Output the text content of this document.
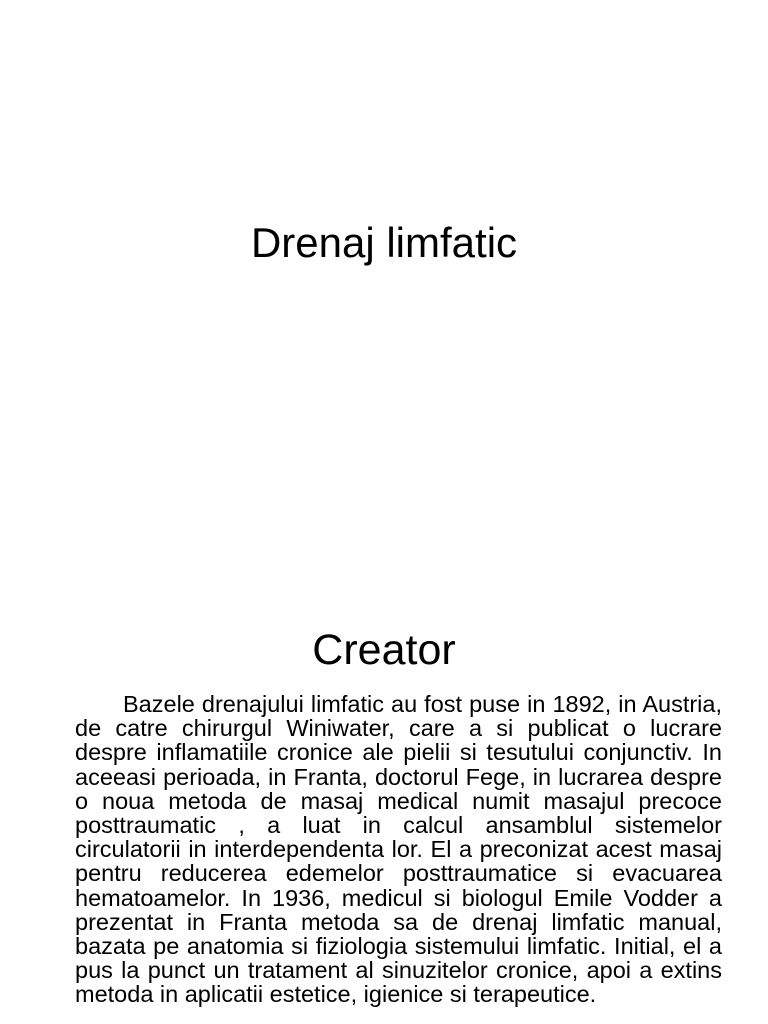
Drenaj limfatic
Creator

Bazele drenajului limfatic au fost puse in 1892, in Austria, de catre chirurgul Winiwater, care a si publicat o lucrare despre inflamatiile cronice ale pielii si tesutului conjunctiv. In aceeasi perioada, in Franta, doctorul Fege, in lucrarea despre o noua metoda de masaj medical numit masajul precoce posttraumatic , a luat in calcul ansamblul sistemelor circulatorii in interdependenta lor. El a preconizat acest masaj pentru reducerea edemelor posttraumatice si evacuarea hematoamelor. In 1936, medicul si biologul Emile Vodder a prezentat in Franta metoda sa de drenaj limfatic manual, bazata pe anatomia si fiziologia sistemului limfatic. Initial, el a pus la punct un tratament al sinuzitelor cronice, apoi a extins metoda in aplicatii estetice, igienice si terapeutice.
